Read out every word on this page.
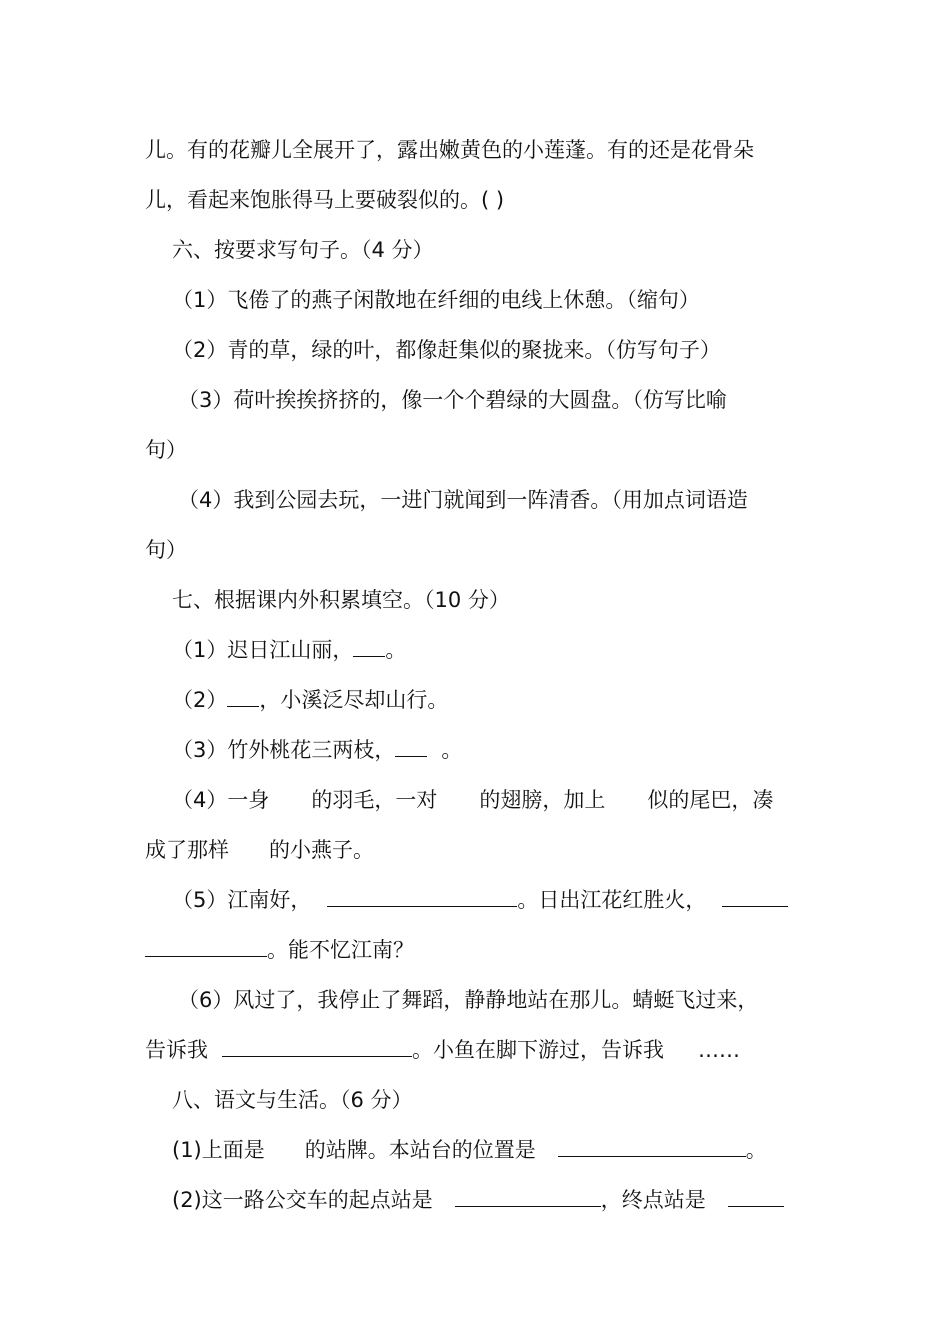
儿。有的花瓣儿全展开了，露出嫩黄色的小莲蓬。有的还是花骨朵
儿，看起来饱胀得马上要破裂似的。( )
六、按要求写句子。（4 分）
（1）飞倦了的燕子闲散地在纤细的电线上休憩。（缩句）
（2）青的草，绿的叶，都像赶集似的聚拢来。（仿写句子）
（3）荷叶挨挨挤挤的，像一个个碧绿的大圆盘。（仿写比喻
句）
（4）我到公园去玩，一进门就闻到一阵清香。（用加点词语造
句）
七、根据课内外积累填空。（10 分）
（1）迟日江山丽， 。
（2） ，小溪泛尽却山行。
（3）竹外桃花三两枝， 。
（4）一身 的羽毛，一对 的翅膀，加上 似的尾巴，凑
成了那样 的小燕子。
（5）江南好，	。日出江花红胜火，
。能不忆江南？
（6）风过了，我停止了舞蹈，静静地站在那儿。蜻蜓飞过来，
告诉我	。小鱼在脚下游过，告诉我 ……
八、语文与生活。（6 分）
(1)上面是 的站牌。本站台的位置是	。
(2)这一路公交车的起点站是	，终点站是
